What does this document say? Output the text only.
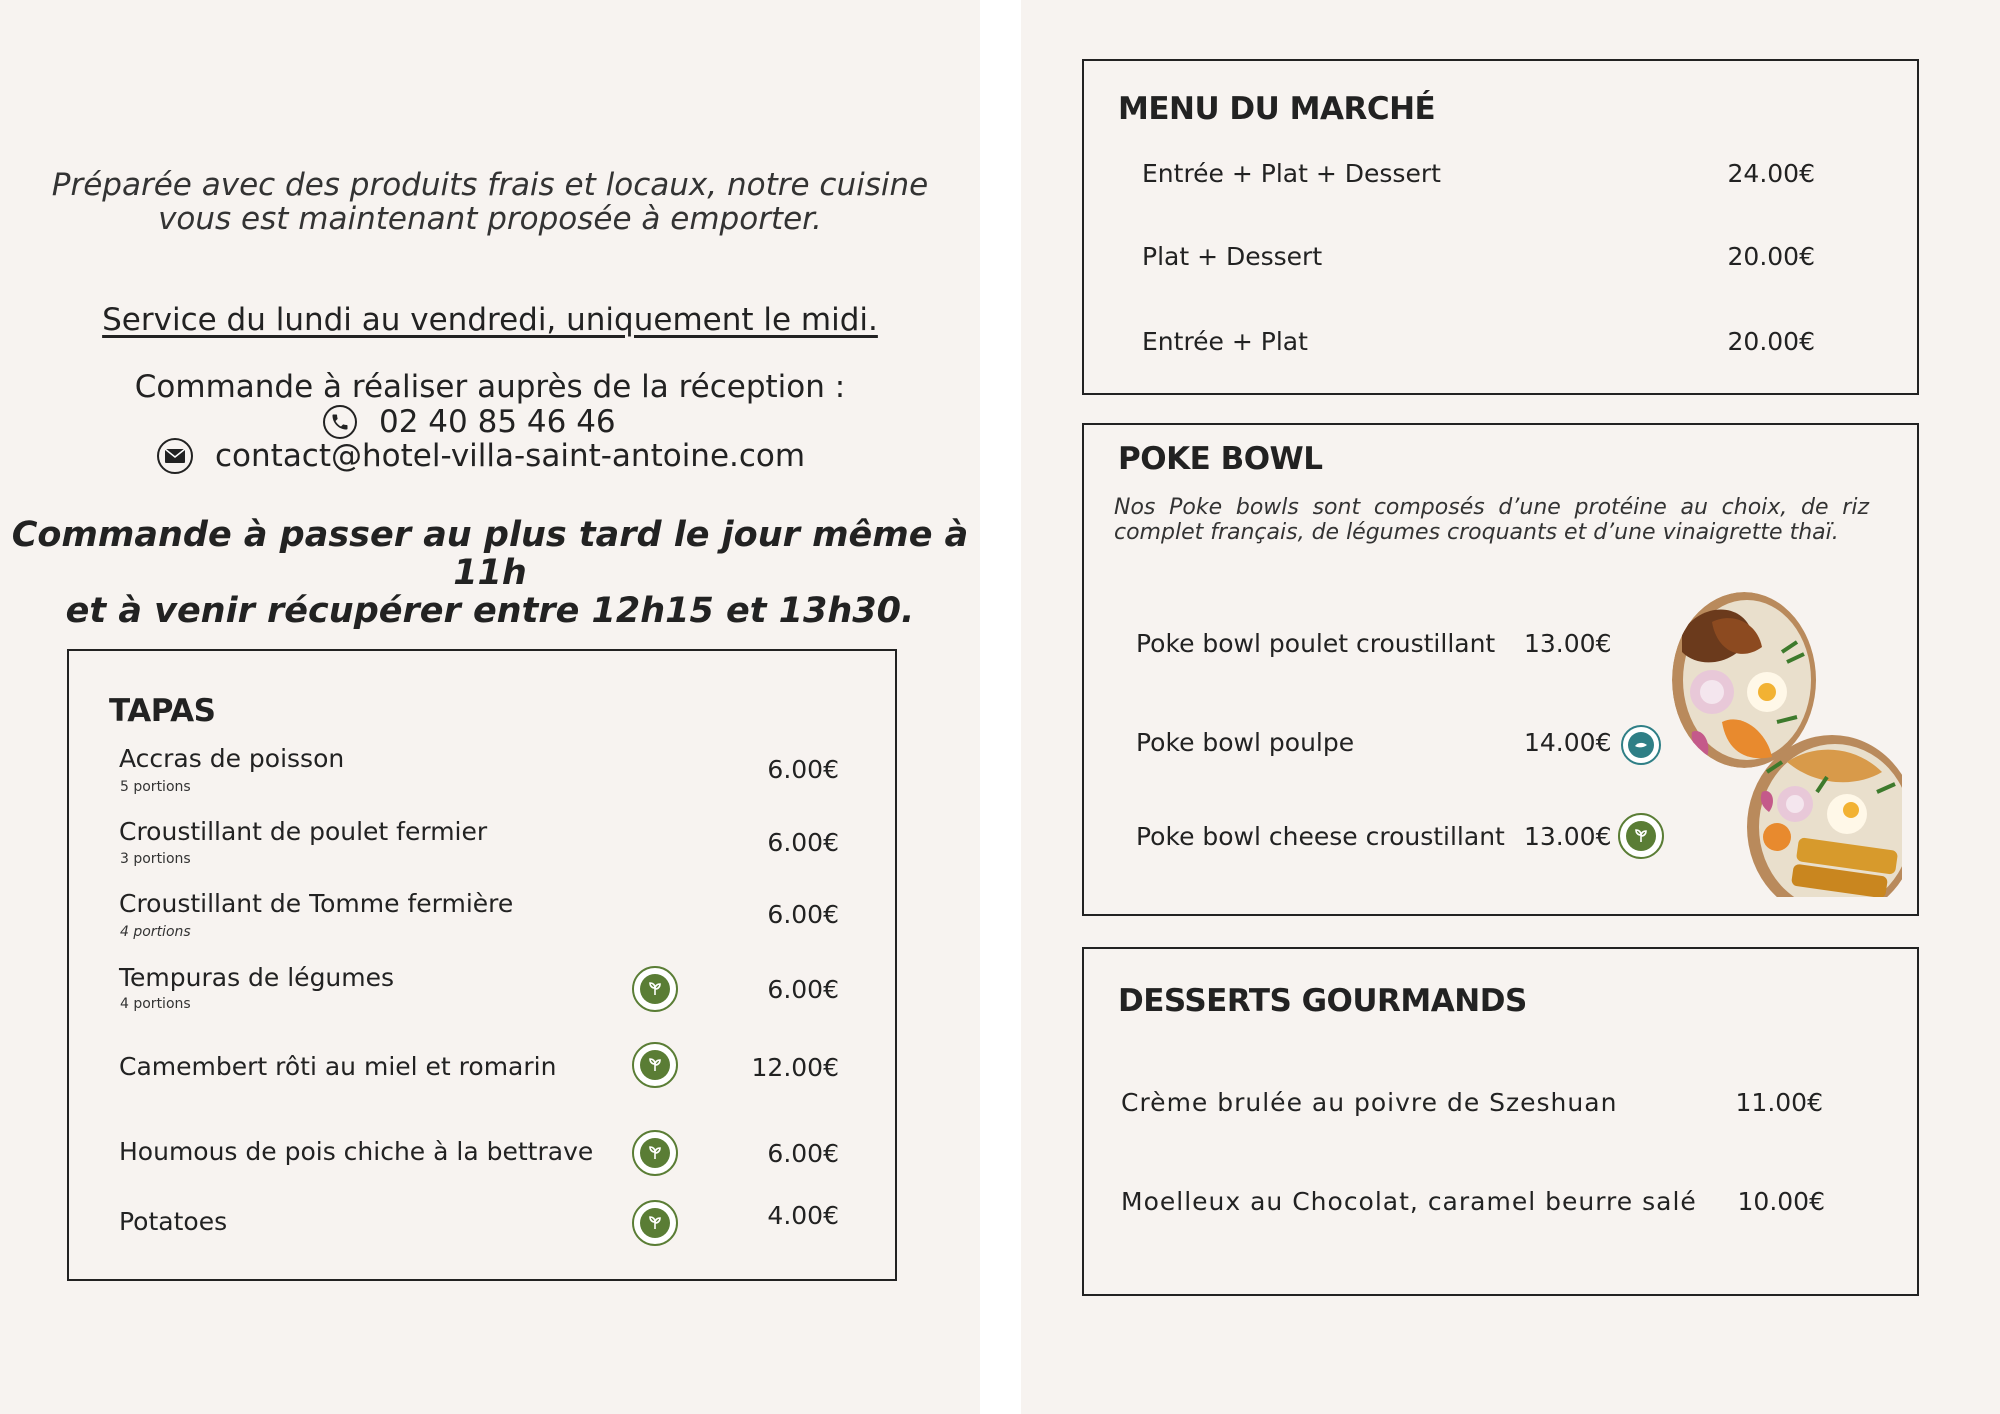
Préparée avec des produits frais et locaux, notre cuisine
vous est maintenant proposée à emporter.
Service du lundi au vendredi, uniquement le midi.
Commande à réaliser auprès de la réception :
02 40 85 46 46
contact@hotel-villa-saint-antoine.com
Commande à passer au plus tard le jour même à 11h
et à venir récupérer entre 12h15 et 13h30.
TAPAS
Accras de poisson
5 portions
6.00€
Croustillant de poulet fermier
3 portions
6.00€
Croustillant de Tomme fermière
4 portions
6.00€
Tempuras de légumes
4 portions	6.00€
Camembert rôti au miel et romarin	12.00€
Houmous de pois chiche à la bettrave	6.00€
Potatoes	4.00€
MENU DU MARCHÉ
Entrée + Plat + Dessert	24.00€
Plat + Dessert	20.00€
Entrée + Plat	20.00€
POKE BOWL
Nos Poke bowls sont composés d’une protéine au choix, de riz complet français, de légumes croquants et d’une vinaigrette thaï.
Poke bowl poulet croustillant 13.00€
Poke bowl poulpe	14.00€
Poke bowl cheese croustillant 13.00€
DESSERTS GOURMANDS
Crème brulée au poivre de Szeshuan	11.00€
Moelleux au Chocolat, caramel beurre salé 10.00€
